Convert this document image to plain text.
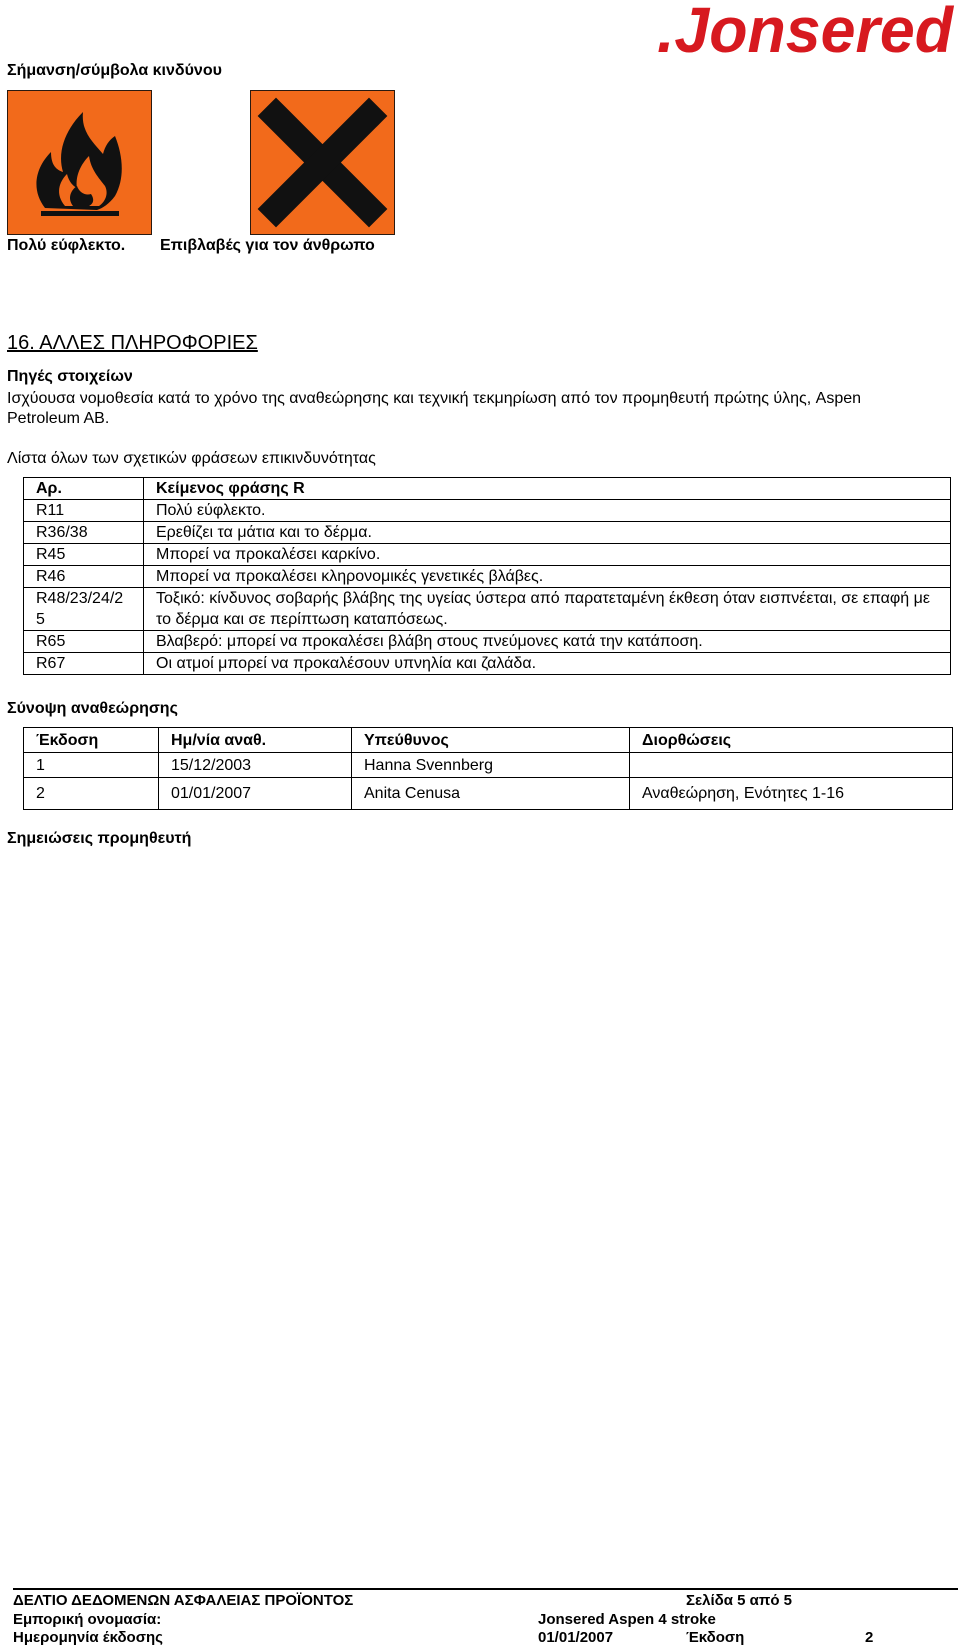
.Jonsered
Σήμανση/σύμβολα κινδύνου
Πολύ εύφλεκτο. Επιβλαβές για τον άνθρωπο
16. ΑΛΛΕΣ ΠΛΗΡΟΦΟΡΙΕΣ
Πηγές στοιχείων
Ισχύουσα νομοθεσία κατά το χρόνο της αναθεώρησης και τεχνική τεκμηρίωση από τον προμηθευτή πρώτης ύλης, Aspen Petroleum AB.
Λίστα όλων των σχετικών φράσεων επικινδυνότητας
Αρ.	Κείμενος φράσης R
R11	Πολύ εύφλεκτο.
R36/38	Ερεθίζει τα μάτια και το δέρμα.
R45	Μπορεί να προκαλέσει καρκίνο.
R46	Μπορεί να προκαλέσει κληρονομικές γενετικές βλάβες.
R48/23/24/2 5	Τοξικό: κίνδυνος σοβαρής βλάβης της υγείας ύστερα από παρατεταμένη έκθεση όταν εισπνέεται, σε επαφή με το δέρμα και σε περίπτωση καταπόσεως.
R65	Βλαβερό: μπορεί να προκαλέσει βλάβη στους πνεύμονες κατά την κατάποση.
R67	Οι ατμοί μπορεί να προκαλέσουν υπνηλία και ζαλάδα.
Σύνοψη αναθεώρησης
Έκδοση	Ημ/νία αναθ.	Υπεύθυνος	Διορθώσεις
1	15/12/2003	Hanna Svennberg	
2	01/01/2007	Anita Cenusa	Αναθεώρηση, Ενότητες 1-16
Σημειώσεις προμηθευτή
ΔΕΛΤΙΟ ΔΕΔΟΜΕΝΩΝ ΑΣΦΑΛΕΙΑΣ ΠΡΟΪΟΝΤΟΣ	Σελίδα 5 από 5
Εμπορική ονομασία:	Jonsered Aspen 4 stroke
Ημερομηνία έκδοσης	01/01/2007	Έκδοση	2
